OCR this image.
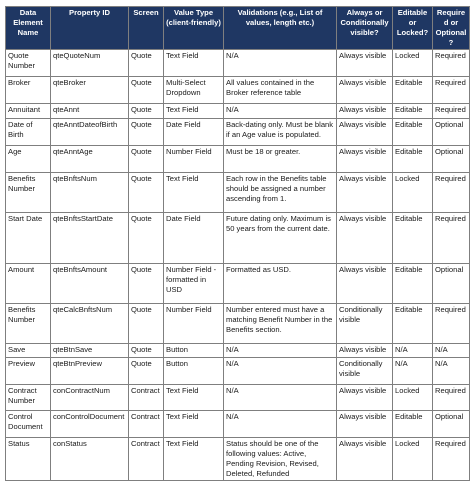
Data Element Name	Property ID	Screen	Value Type (client-friendly)	Validations (e.g., List of values, length etc.)	Always or Conditionally visible?	Editable or Locked?	Required or Optional?
Quote Number	qteQuoteNum	Quote	Text Field	N/A	Always visible	Locked	Required
Broker	qteBroker	Quote	Multi-Select Dropdown	All values contained in the Broker reference table	Always visible	Editable	Required
Annuitant	qteAnnt	Quote	Text Field	N/A	Always visible	Editable	Required
Date of Birth	qteAnntDateofBirth	Quote	Date Field	Back-dating only. Must be blank if an Age value is populated.	Always visible	Editable	Optional
Age	qteAnntAge	Quote	Number Field	Must be 18 or greater.	Always visible	Editable	Optional
Benefits Number	qteBnftsNum	Quote	Text Field	Each row in the Benefits table should be assigned a number ascending from 1.	Always visible	Locked	Required
Start Date	qteBnftsStartDate	Quote	Date Field	Future dating only. Maximum is 50 years from the current date.	Always visible	Editable	Required
Amount	qteBnftsAmount	Quote	Number Field - formatted in USD	Formatted as USD.	Always visible	Editable	Optional
Benefits Number	qteCalcBnftsNum	Quote	Number Field	Number entered must have a matching Benefit Number in the Benefits section.	Conditionally visible	Editable	Required
Save	qteBtnSave	Quote	Button	N/A	Always visible	N/A	N/A
Preview	qteBtnPreview	Quote	Button	N/A	Conditionally visible	N/A	N/A
Contract Number	conContractNum	Contract	Text Field	N/A	Always visible	Locked	Required
Control Document	conControlDocument	Contract	Text Field	N/A	Always visible	Editable	Optional
Status	conStatus	Contract	Text Field	Status should be one of the following values: Active, Pending Revision, Revised, Deleted, Refunded	Always visible	Locked	Required
